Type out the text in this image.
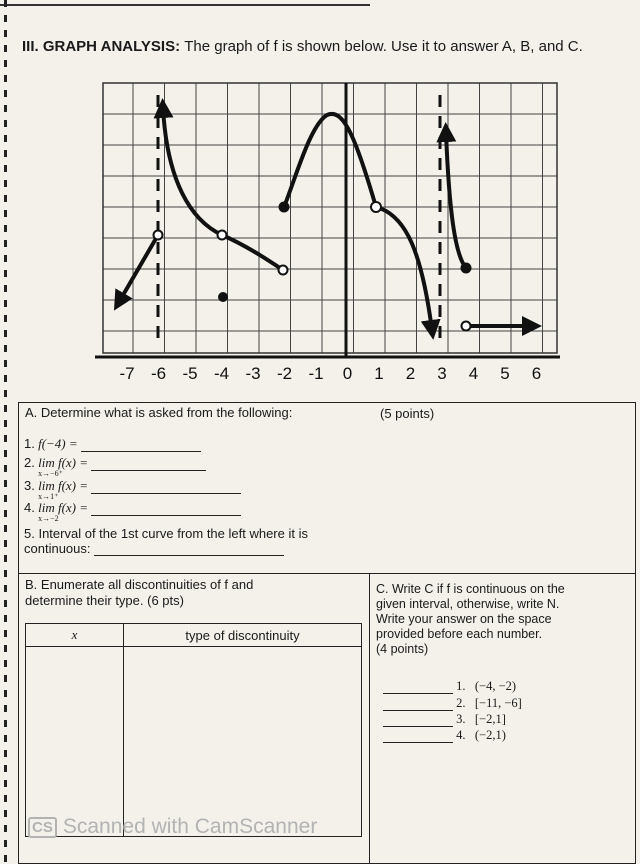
III. GRAPH ANALYSIS: The graph of f is shown below. Use it to answer A, B, and C.
-7 -6 -5 -4 -3 -2 -1 0 1 2 3 4 5 6
A. Determine what is asked from the following:	(5 points)
1. f(−4) =
2. lim f(x) =
x→−6⁺

3. lim f(x) =
x→1⁺

4. lim f(x) =
x→−2

5. Interval of the 1st curve from the left where it is
continuous:
B. Enumerate all discontinuities of f and
determine their type. (6 pts)
x	type of discontinuity

C. Write C if f is continuous on the
given interval, otherwise, write N.
Write your answer on the space
provided before each number.
(4 points)
1. (−4, −2)
2. [−11, −6]
3. [−2,1]
4. (−2,1)
CS Scanned with CamScanner
